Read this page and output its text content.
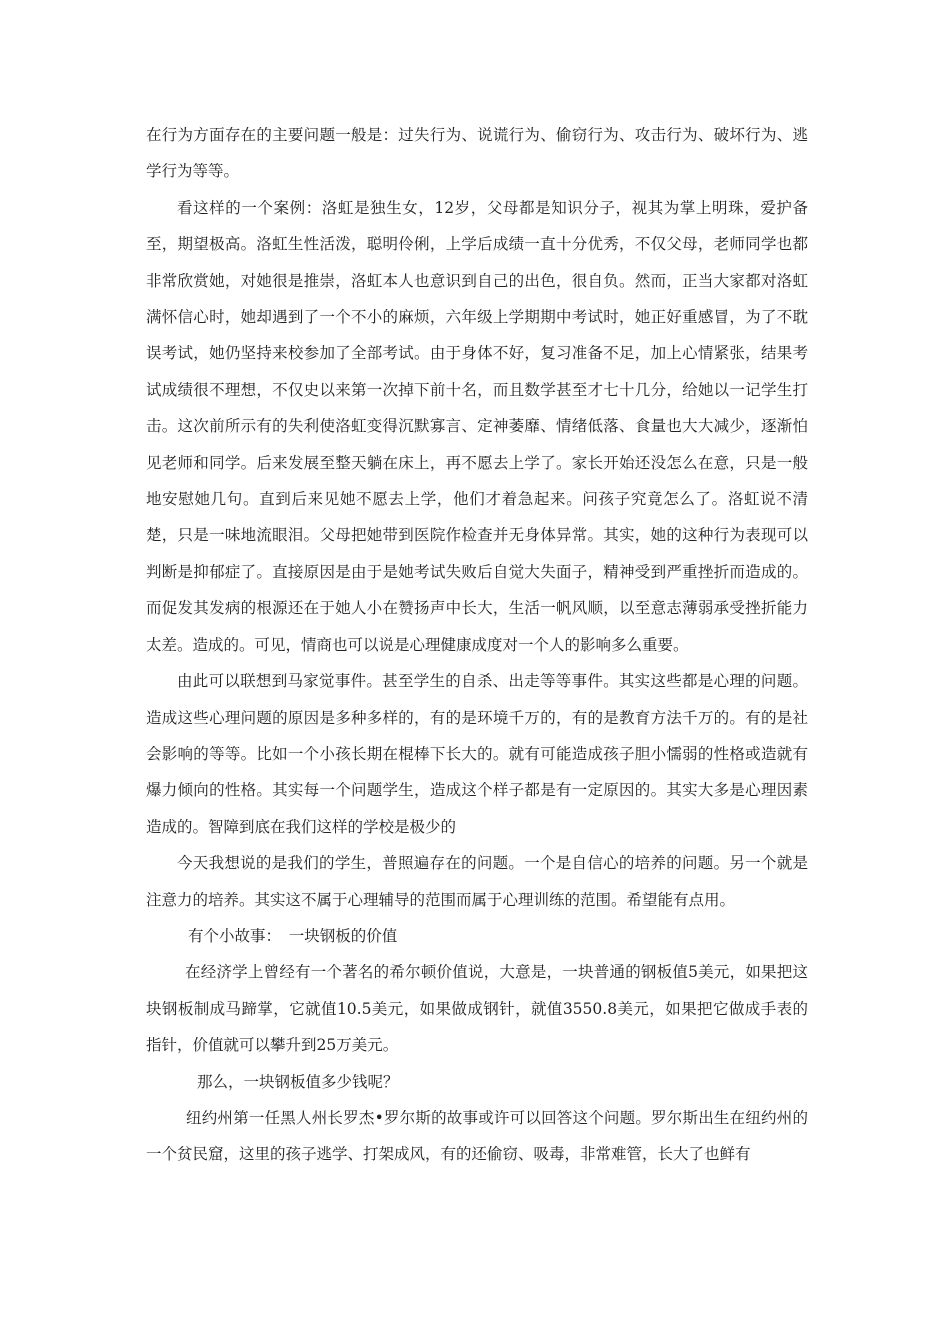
在行为方面存在的主要问题一般是：过失行为、说谎行为、偷窃行为、攻击行为、破坏行为、逃学行为等等。

看这样的一个案例：洛虹是独生女，12岁，父母都是知识分子，视其为掌上明珠，爱护备至，期望极高。洛虹生性活泼，聪明伶俐，上学后成绩一直十分优秀，不仅父母，老师同学也都非常欣赏她，对她很是推崇，洛虹本人也意识到自己的出色，很自负。然而，正当大家都对洛虹满怀信心时，她却遇到了一个不小的麻烦，六年级上学期期中考试时，她正好重感冒，为了不耽误考试，她仍坚持来校参加了全部考试。由于身体不好，复习准备不足，加上心情紧张，结果考试成绩很不理想，不仅史以来第一次掉下前十名，而且数学甚至才七十几分，给她以一记学生打击。这次前所示有的失利使洛虹变得沉默寡言、定神萎靡、情绪低落、食量也大大减少，逐渐怕见老师和同学。后来发展至整天躺在床上，再不愿去上学了。家长开始还没怎么在意，只是一般地安慰她几句。直到后来见她不愿去上学，他们才着急起来。问孩子究竟怎么了。洛虹说不清楚，只是一味地流眼泪。父母把她带到医院作检查并无身体异常。其实，她的这种行为表现可以判断是抑郁症了。直接原因是由于是她考试失败后自觉大失面子，精神受到严重挫折而造成的。而促发其发病的根源还在于她人小在赞扬声中长大，生活一帆风顺，以至意志薄弱承受挫折能力太差。造成的。可见，情商也可以说是心理健康成度对一个人的影响多么重要。

由此可以联想到马家觉事件。甚至学生的自杀、出走等等事件。其实这些都是心理的问题。造成这些心理问题的原因是多种多样的，有的是环境千万的，有的是教育方法千万的。有的是社会影响的等等。比如一个小孩长期在棍棒下长大的。就有可能造成孩子胆小懦弱的性格或造就有爆力倾向的性格。其实每一个问题学生，造成这个样子都是有一定原因的。其实大多是心理因素造成的。智障到底在我们这样的学校是极少的

今天我想说的是我们的学生，普照遍存在的问题。一个是自信心的培养的问题。另一个就是注意力的培养。其实这不属于心理辅导的范围而属于心理训练的范围。希望能有点用。

有个小故事：　一块钢板的价值

在经济学上曾经有一个著名的希尔顿价值说，大意是，一块普通的钢板值5美元，如果把这块钢板制成马蹄掌，它就值10.5美元，如果做成钢针，就值3550.8美元，如果把它做成手表的指针，价值就可以攀升到25万美元。

那么，一块钢板值多少钱呢？

纽约州第一任黑人州长罗杰•罗尔斯的故事或许可以回答这个问题。罗尔斯出生在纽约州的一个贫民窟，这里的孩子逃学、打架成风，有的还偷窃、吸毒，非常难管，长大了也鲜有
